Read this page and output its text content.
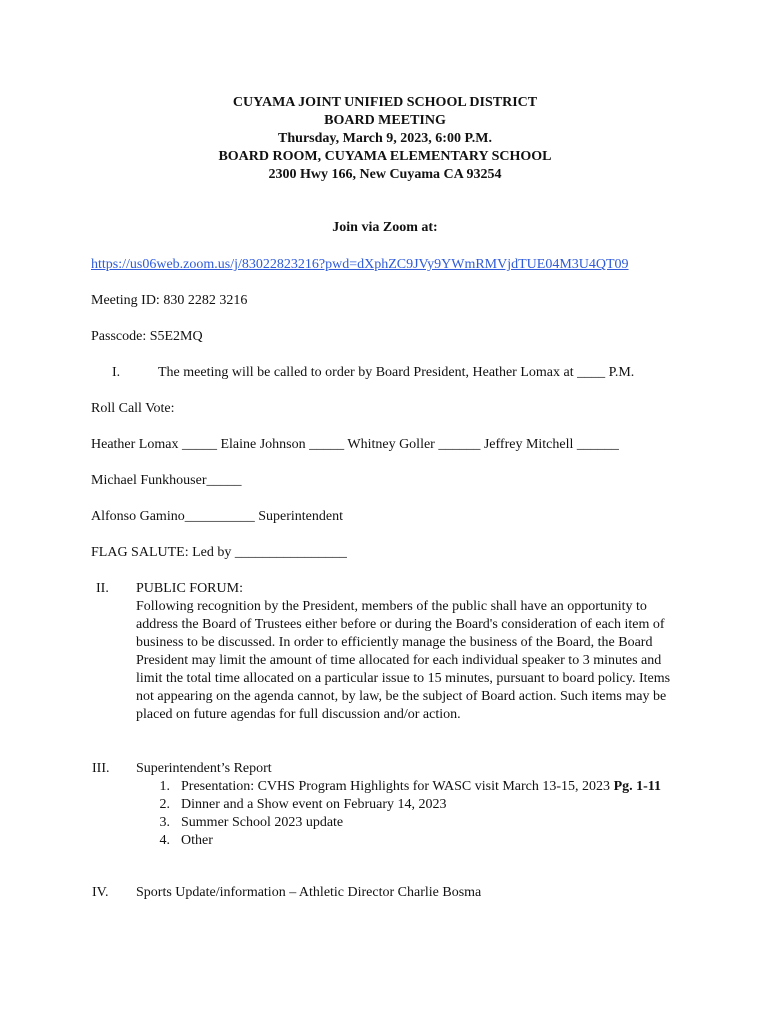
CUYAMA JOINT UNIFIED SCHOOL DISTRICT
BOARD MEETING
Thursday, March 9, 2023, 6:00 P.M.
BOARD ROOM, CUYAMA ELEMENTARY SCHOOL
2300 Hwy 166, New Cuyama CA 93254
Join via Zoom at:
https://us06web.zoom.us/j/83022823216?pwd=dXphZC9JVy9YWmRMVjdTUE04M3U4QT09
Meeting ID: 830 2282 3216
Passcode: S5E2MQ
I.	The meeting will be called to order by Board President, Heather Lomax at ____ P.M.
Roll Call Vote:
Heather Lomax _____ Elaine Johnson _____ Whitney Goller ______ Jeffrey Mitchell ______
Michael Funkhouser_____
Alfonso Gamino__________ Superintendent
FLAG SALUTE: Led by ________________
II. PUBLIC FORUM:
Following recognition by the President, members of the public shall have an opportunity to address the Board of Trustees either before or during the Board's consideration of each item of business to be discussed. In order to efficiently manage the business of the Board, the Board President may limit the amount of time allocated for each individual speaker to 3 minutes and limit the total time allocated on a particular issue to 15 minutes, pursuant to board policy. Items not appearing on the agenda cannot, by law, be the subject of Board action. Such items may be placed on future agendas for full discussion and/or action.
III. Superintendent’s Report
1. Presentation: CVHS Program Highlights for WASC visit March 13-15, 2023 Pg. 1-11
2. Dinner and a Show event on February 14, 2023
3. Summer School 2023 update
4. Other
IV. Sports Update/information – Athletic Director Charlie Bosma
